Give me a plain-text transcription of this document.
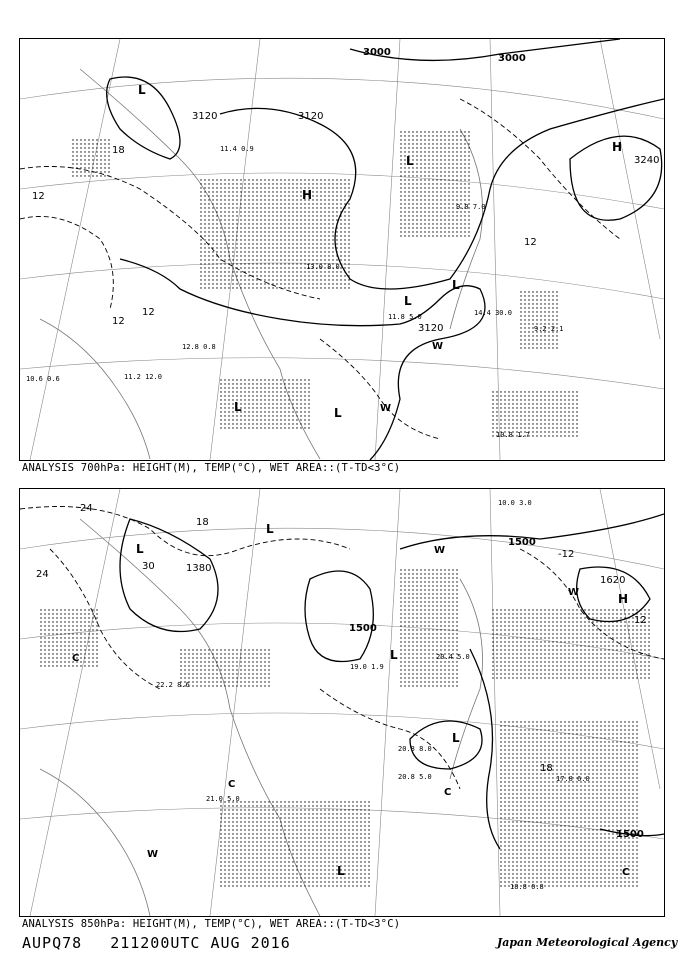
3000
3000
3120	3120
3120
3240
18
12
12
12
12
L
L
L
L
L	L
H
H
W
W
12.8 0.8
13.0 8.0
11.8 5.0	14.4 30.0
9.2 2.1
11.2 12.0
10.8 1.7
11.4 0.9
10.6 0.6
9.0 7.0
ANALYSIS 700hPa: HEIGHT(M), TEMP(°C), WET AREA::(T-TD<3°C)
1380
1500
1500
1500
1620
24
24
30
18
18
12
-12
L
L
L
L
L
H
W
W
W
C
C
C
C
21.0 5.0
20.8 8.0
19.0 1.9
17.8 6.0
20.8 5.0
18.8 0.8
10.0 3.0
22.2 8.6
20.4 5.0
ANALYSIS 850hPa: HEIGHT(M), TEMP(°C), WET AREA::(T-TD<3°C)
AUPQ78 211200UTC AUG 2016	Japan Meteorological Agency
